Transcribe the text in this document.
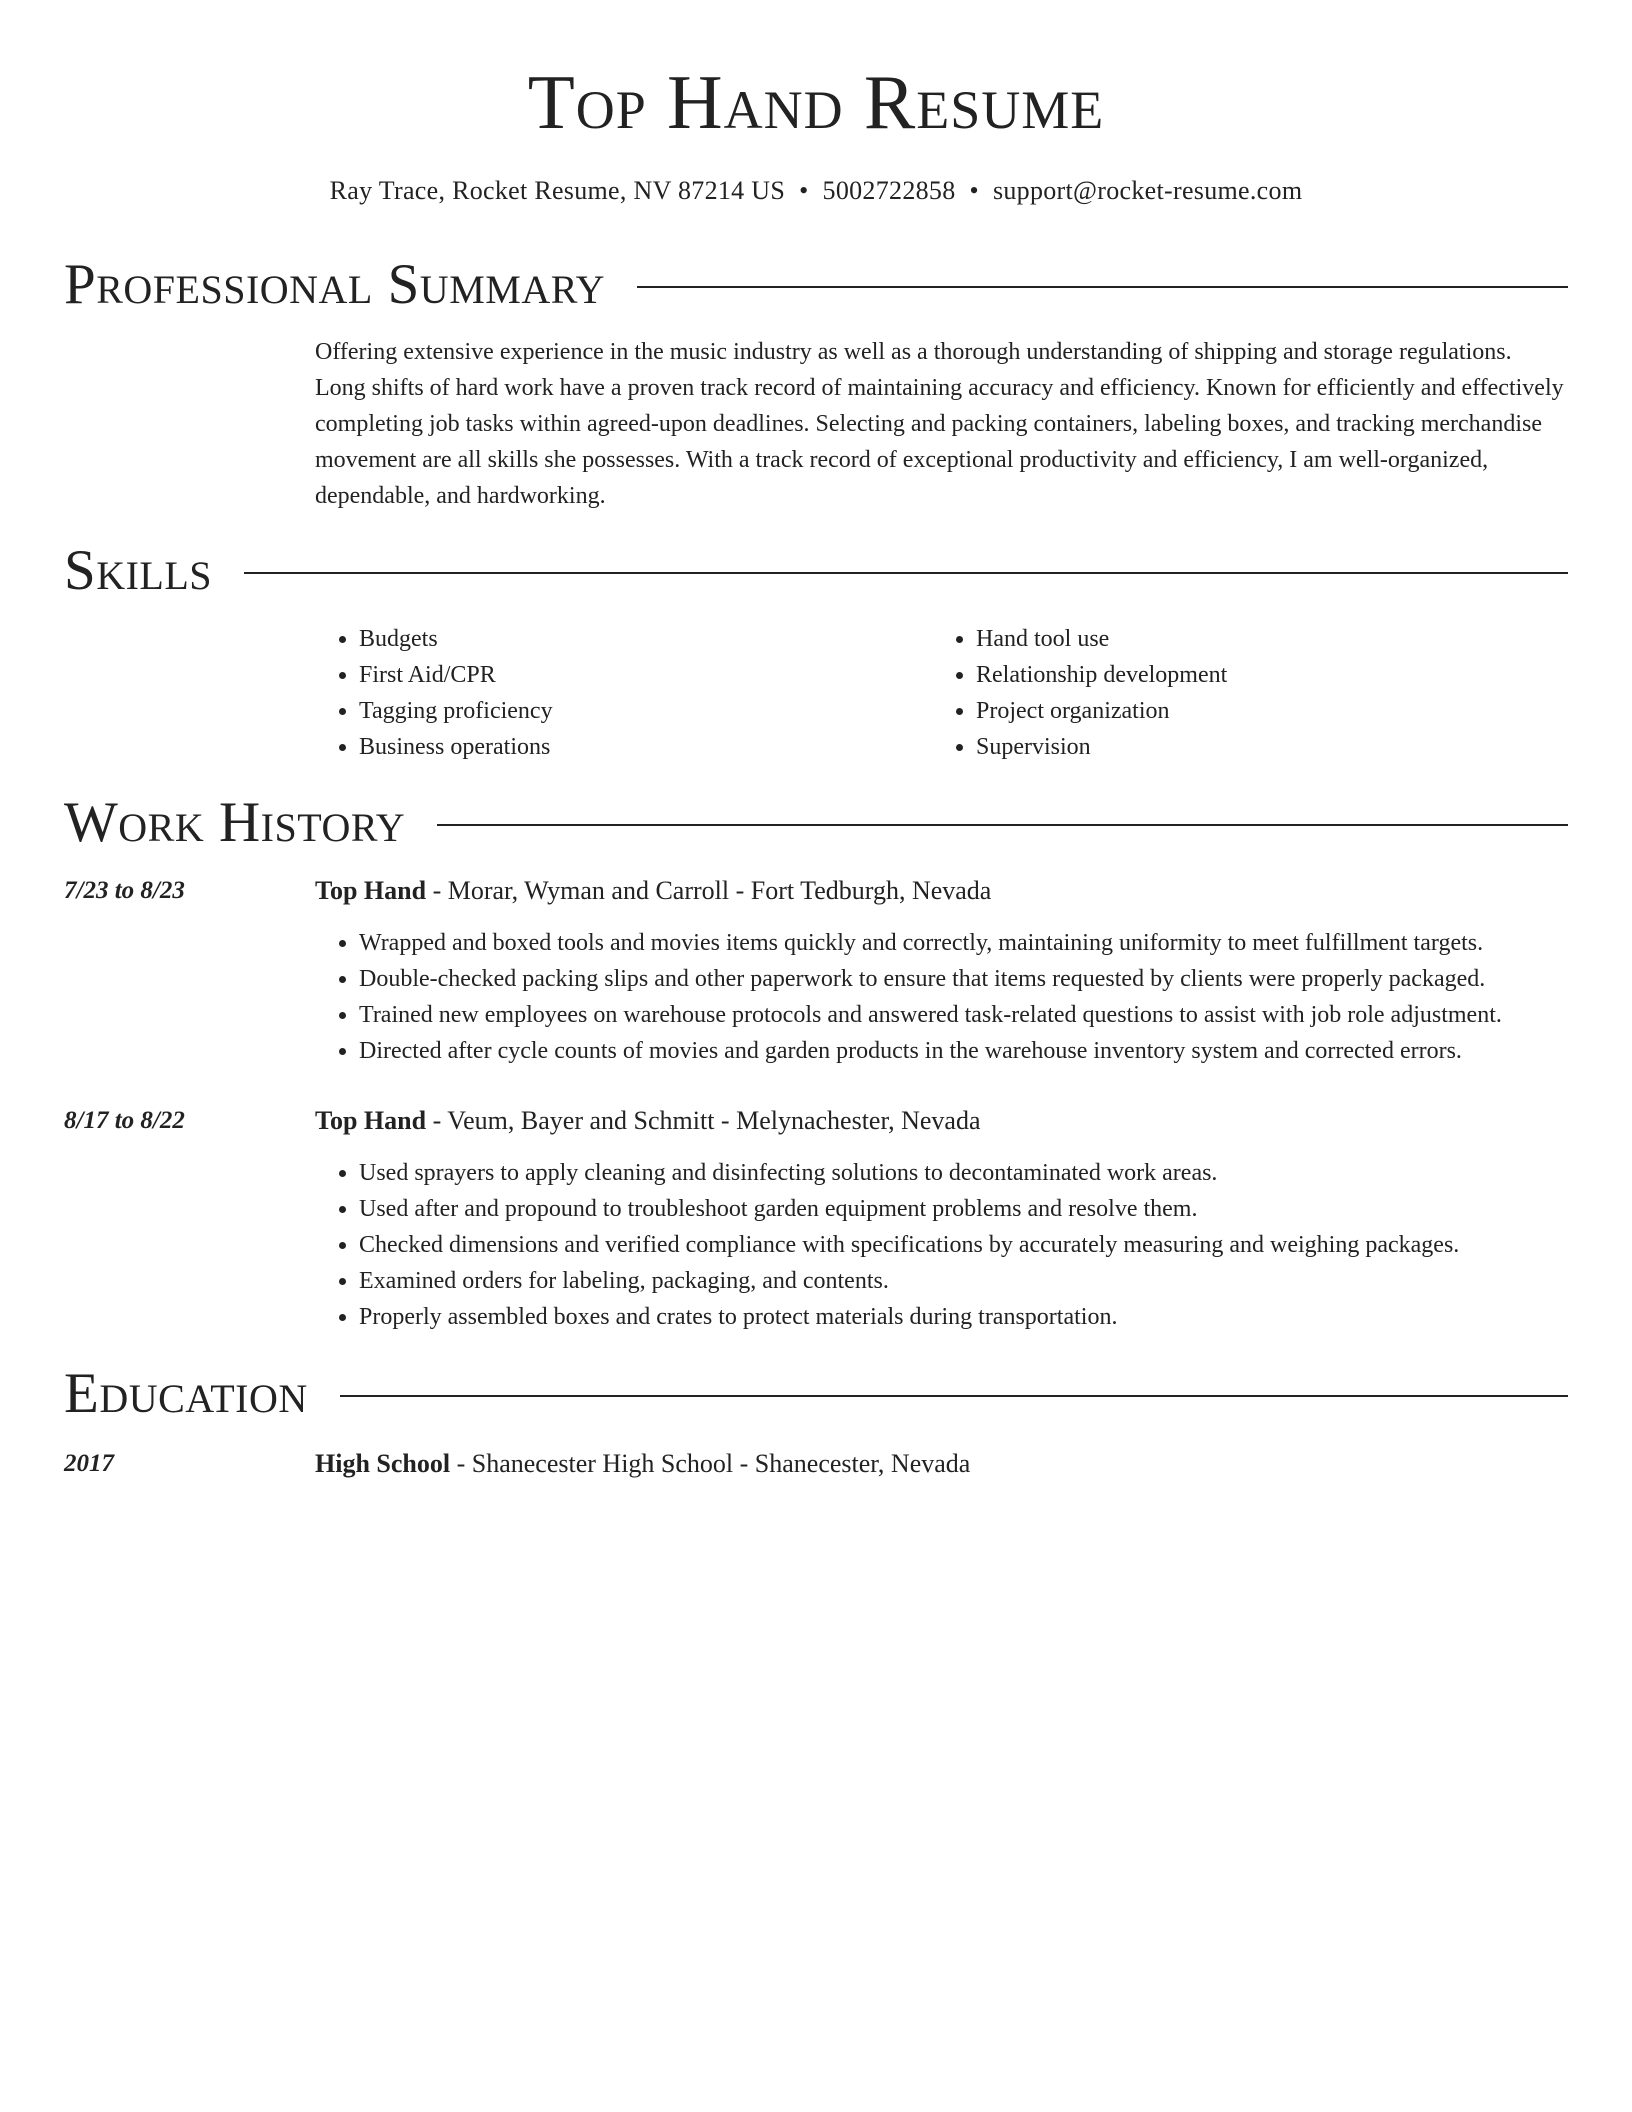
Top Hand Resume
Ray Trace, Rocket Resume, NV 87214 US • 5002722858 • support@rocket-resume.com
Professional Summary

Offering extensive experience in the music industry as well as a thorough understanding of shipping and storage regulations. Long shifts of hard work have a proven track record of maintaining accuracy and efficiency. Known for efficiently and effectively completing job tasks within agreed-upon deadlines. Selecting and packing containers, labeling boxes, and tracking merchandise movement are all skills she possesses. With a track record of exceptional productivity and efficiency, I am well-organized, dependable, and hardworking.

Skills
• Budgets
• First Aid/CPR
• Tagging proficiency
• Business operations
• Hand tool use
• Relationship development
• Project organization
• Supervision
Work History
7/23 to 8/23	Top Hand - Morar, Wyman and Carroll - Fort Tedburgh, Nevada
• Wrapped and boxed tools and movies items quickly and correctly, maintaining uniformity to meet fulfillment targets.
• Double-checked packing slips and other paperwork to ensure that items requested by clients were properly packaged.
• Trained new employees on warehouse protocols and answered task-related questions to assist with job role adjustment.
• Directed after cycle counts of movies and garden products in the warehouse inventory system and corrected errors.
8/17 to 8/22	Top Hand - Veum, Bayer and Schmitt - Melynachester, Nevada
• Used sprayers to apply cleaning and disinfecting solutions to decontaminated work areas.
• Used after and propound to troubleshoot garden equipment problems and resolve them.
• Checked dimensions and verified compliance with specifications by accurately measuring and weighing packages.
• Examined orders for labeling, packaging, and contents.
• Properly assembled boxes and crates to protect materials during transportation.
Education
2017	High School - Shanecester High School - Shanecester, Nevada
